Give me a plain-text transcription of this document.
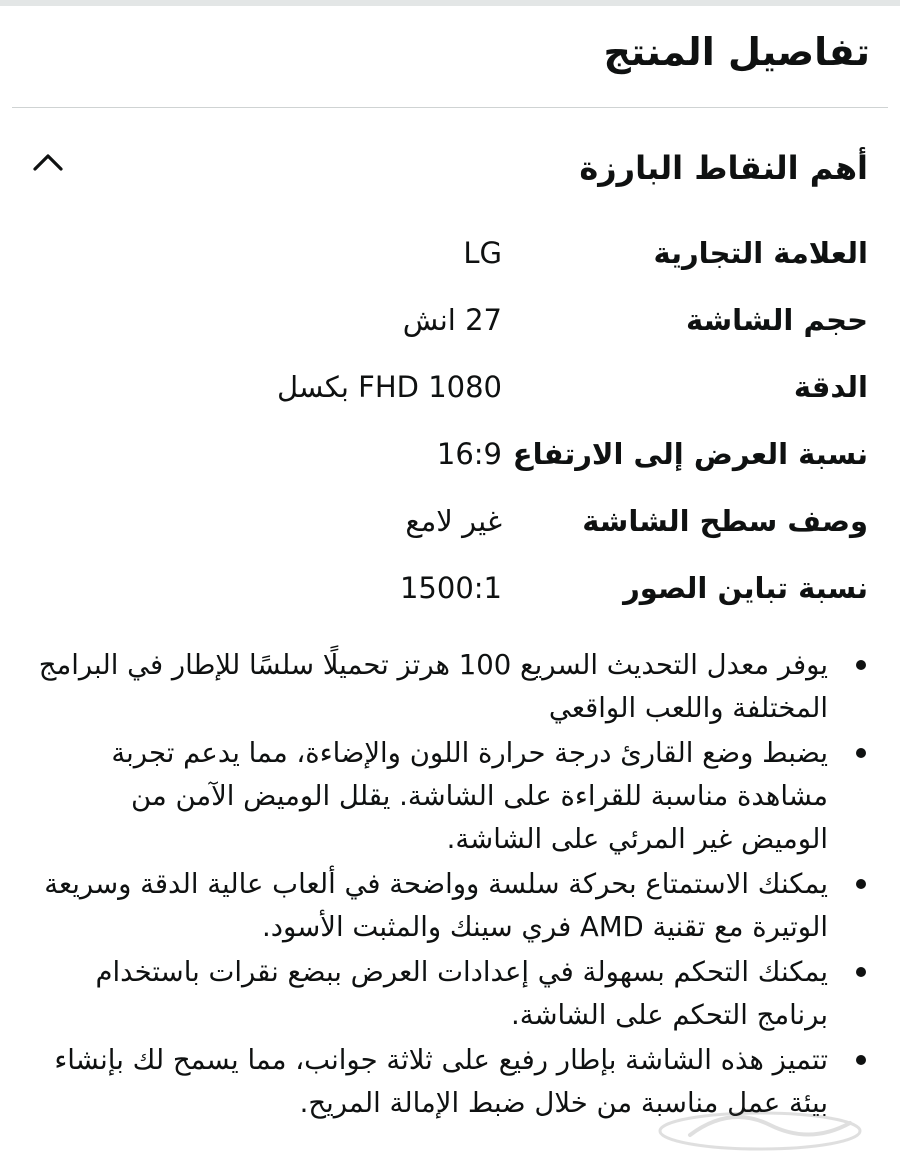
تفاصيل المنتج
أهم النقاط البارزة
العلامة التجارية
LG
حجم الشاشة
27 انش
الدقة
FHD 1080 بكسل
نسبة العرض إلى الارتفاع
16:9
وصف سطح الشاشة
غير لامع
نسبة تباين الصور
1500:1
يوفر معدل التحديث السريع 100 هرتز تحميلًا سلسًا للإطار في البرامج المختلفة واللعب الواقعي
يضبط وضع القارئ درجة حرارة اللون والإضاءة، مما يدعم تجربة مشاهدة مناسبة للقراءة على الشاشة. يقلل الوميض الآمن من الوميض غير المرئي على الشاشة.
يمكنك الاستمتاع بحركة سلسة وواضحة في ألعاب عالية الدقة وسريعة الوتيرة مع تقنية AMD فري سينك والمثبت الأسود.
يمكنك التحكم بسهولة في إعدادات العرض ببضع نقرات باستخدام برنامج التحكم على الشاشة.
تتميز هذه الشاشة بإطار رفيع على ثلاثة جوانب، مما يسمح لك بإنشاء بيئة عمل مناسبة من خلال ضبط الإمالة المريح.
